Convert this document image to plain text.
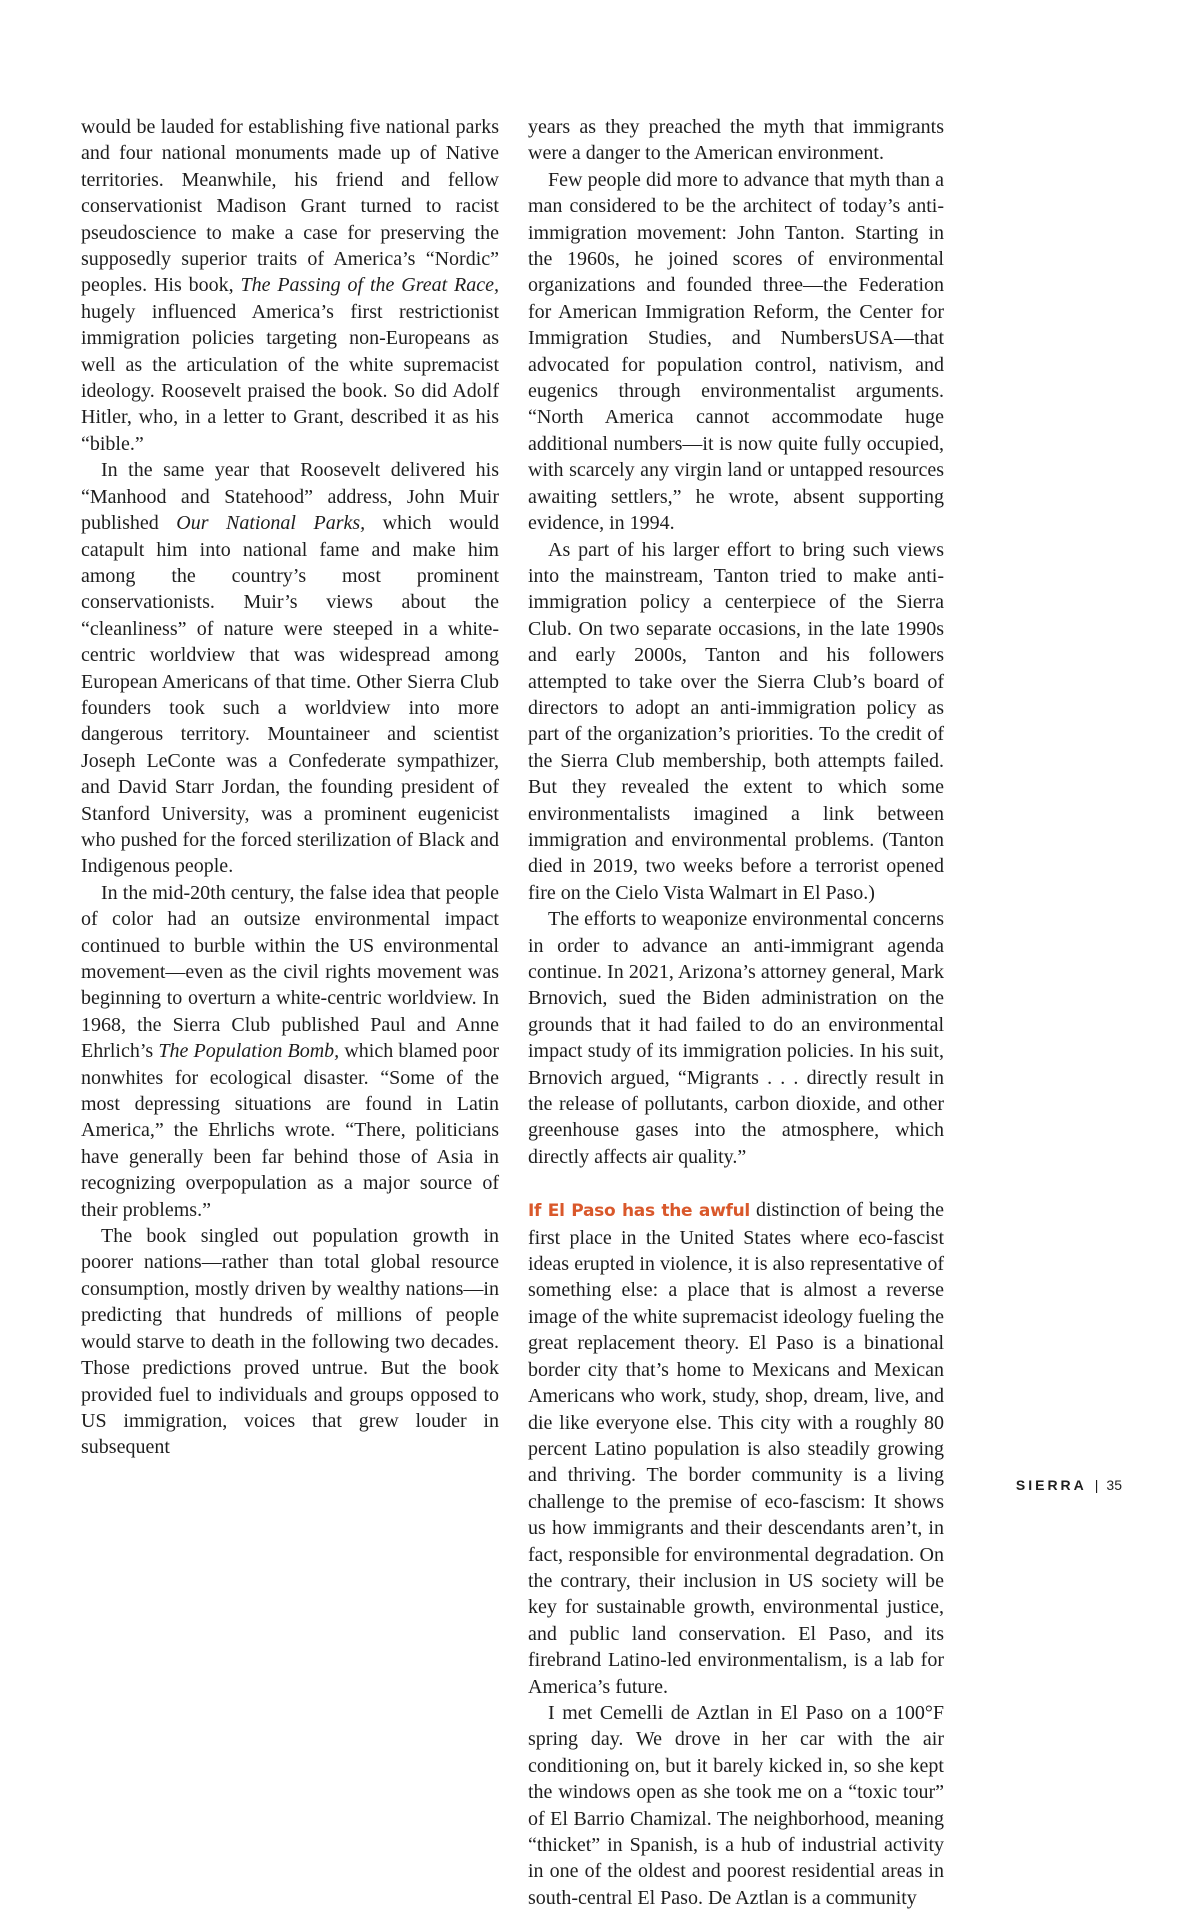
would be lauded for establishing five national parks and four national monuments made up of Native territories. Meanwhile, his friend and fellow conservationist Madison Grant turned to racist pseudoscience to make a case for preserving the supposedly superior traits of America’s “Nordic” peoples. His book, The Passing of the Great Race, hugely influenced America’s first restrictionist immigration policies targeting non-Europeans as well as the articulation of the white supremacist ideology. Roosevelt praised the book. So did Adolf Hitler, who, in a letter to Grant, described it as his “bible.”

In the same year that Roosevelt delivered his “Manhood and Statehood” address, John Muir published Our National Parks, which would catapult him into national fame and make him among the country’s most prominent conservationists. Muir’s views about the “cleanliness” of nature were steeped in a white-centric worldview that was widespread among European Americans of that time. Other Sierra Club founders took such a worldview into more dangerous territory. Mountaineer and scientist Joseph LeConte was a Confederate sympathizer, and David Starr Jordan, the founding president of Stanford University, was a prominent eugenicist who pushed for the forced sterilization of Black and Indigenous people.

In the mid-20th century, the false idea that people of color had an outsize environmental impact continued to burble within the US environmental movement—even as the civil rights movement was beginning to overturn a white-centric worldview. In 1968, the Sierra Club published Paul and Anne Ehrlich’s The Population Bomb, which blamed poor nonwhites for ecological disaster. “Some of the most depressing situations are found in Latin America,” the Ehrlichs wrote. “There, politicians have generally been far behind those of Asia in recognizing overpopulation as a major source of their problems.”

The book singled out population growth in poorer nations—rather than total global resource consumption, mostly driven by wealthy nations—in predicting that hundreds of millions of people would starve to death in the following two decades. Those predictions proved untrue. But the book provided fuel to individuals and groups opposed to US immigration, voices that grew louder in subsequent

years as they preached the myth that immigrants were a danger to the American environment.

Few people did more to advance that myth than a man considered to be the architect of today’s anti-immigration movement: John Tanton. Starting in the 1960s, he joined scores of environmental organizations and founded three—the Federation for American Immigration Reform, the Center for Immigration Studies, and NumbersUSA—that advocated for population control, nativism, and eugenics through environmentalist arguments. “North America cannot accommodate huge additional numbers—it is now quite fully occupied, with scarcely any virgin land or untapped resources awaiting settlers,” he wrote, absent supporting evidence, in 1994.

As part of his larger effort to bring such views into the mainstream, Tanton tried to make anti-immigration policy a centerpiece of the Sierra Club. On two separate occasions, in the late 1990s and early 2000s, Tanton and his followers attempted to take over the Sierra Club’s board of directors to adopt an anti-immigration policy as part of the organization’s priorities. To the credit of the Sierra Club membership, both attempts failed. But they revealed the extent to which some environmentalists imagined a link between immigration and environmental problems. (Tanton died in 2019, two weeks before a terrorist opened fire on the Cielo Vista Walmart in El Paso.)

The efforts to weaponize environmental concerns in order to advance an anti-immigrant agenda continue. In 2021, Arizona’s attorney general, Mark Brnovich, sued the Biden administration on the grounds that it had failed to do an environmental impact study of its immigration policies. In his suit, Brnovich argued, “Migrants . . . directly result in the release of pollutants, carbon dioxide, and other greenhouse gases into the atmosphere, which directly affects air quality.”

If El Paso has the awful distinction of being the first place in the United States where eco-fascist ideas erupted in violence, it is also representative of something else: a place that is almost a reverse image of the white supremacist ideology fueling the great replacement theory. El Paso is a binational border city that’s home to Mexicans and Mexican Americans who work, study, shop, dream, live, and die like everyone else. This city with a roughly 80 percent Latino population is also steadily growing and thriving. The border community is a living challenge to the premise of eco-fascism: It shows us how immigrants and their descendants aren’t, in fact, responsible for environmental degradation. On the contrary, their inclusion in US society will be key for sustainable growth, environmental justice, and public land conservation. El Paso, and its firebrand Latino-led environmentalism, is a lab for America’s future.

I met Cemelli de Aztlan in El Paso on a 100°F spring day. We drove in her car with the air conditioning on, but it barely kicked in, so she kept the windows open as she took me on a “toxic tour” of El Barrio Chamizal. The neighborhood, meaning “thicket” in Spanish, is a hub of industrial activity in one of the oldest and poorest residential areas in south-central El Paso. De Aztlan is a community

SIERRA | 35
